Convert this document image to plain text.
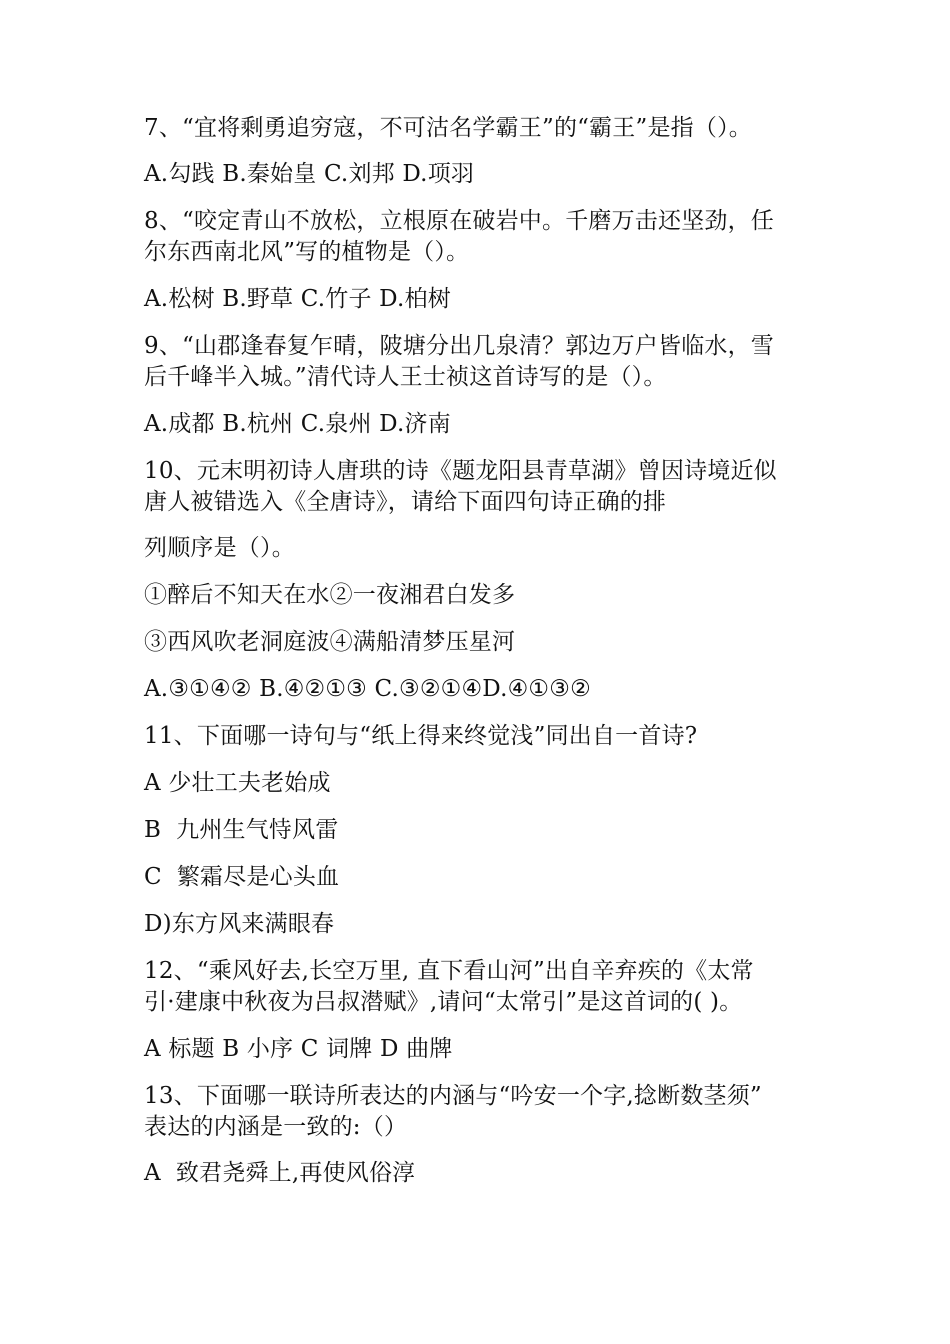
7、“宜将剩勇追穷寇，不可沽名学霸王”的“霸王”是指（）。
A.勾践 B.秦始皇 C.刘邦 D.项羽
8、“咬定青山不放松，立根原在破岩中。千磨万击还坚劲，任
尔东西南北风”写的植物是（）。
A.松树 B.野草 C.竹子 D.柏树
9、“山郡逢春复乍晴，陂塘分出几泉清？郭边万户皆临水，雪
后千峰半入城。”清代诗人王士祯这首诗写的是（）。
A.成都 B.杭州 C.泉州 D.济南
10、元末明初诗人唐珙的诗《题龙阳县青草湖》曾因诗境近似
唐人被错选入《全唐诗》，请给下面四句诗正确的排
列顺序是（）。
①醉后不知天在水②一夜湘君白发多
③西风吹老洞庭波④满船清梦压星河
A.③①④② B.④②①③ C.③②①④D.④①③②
11、下面哪一诗句与“纸上得来终觉浅”同出自一首诗?
A 少壮工夫老始成
B  九州生气恃风雷
C  繁霜尽是心头血
D)东方风来满眼春
12、“乘风好去,长空万里, 直下看山河”出自辛弃疾的《太常
引·建康中秋夜为吕叔潜赋》,请问“太常引”是这首词的( )。
A 标题 B 小序 C 词牌 D 曲牌
13、下面哪一联诗所表达的内涵与“吟安一个字,捻断数茎须”
表达的内涵是一致的:（）
A  致君尧舜上,再使风俗淳
